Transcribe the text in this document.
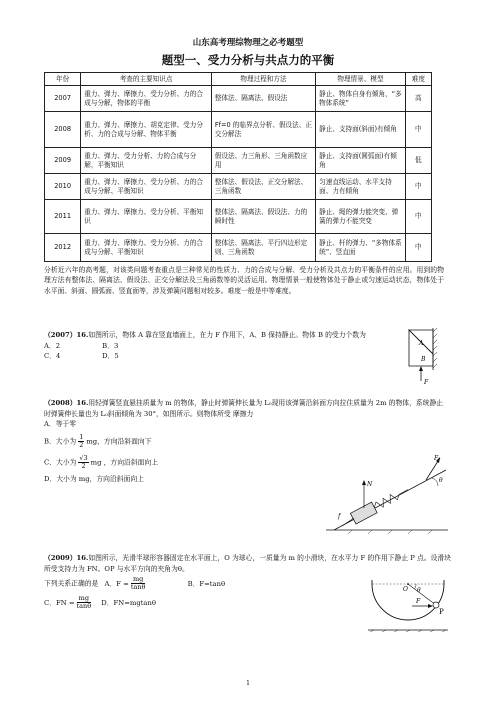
山东高考理综物理之必考题型
题型一、受力分析与共点力的平衡
年份	考查的主要知识点	物理过程和方法	物理情景、模型	难度
2007	重力、弹力、摩擦力、受力分析、力的合成与分解，物体的平衡	整体法、隔离法、假设法	静止、物体自身有倾角，“多物体系统”	高
2008	重力、弹力、摩擦力、胡克定律、受力分析、力的合成与分解、物体平衡	Ff=0 的临界点分析、假设法、正交分解法	静止、支持面(斜面)有倾角	中
2009	重力、弹力、受力分析、力的合成与分解，平衡知识	假设法、力三角形、三角函数应用	静止、支持面(圆弧面)有倾角	低
2010	重力、弹力、摩擦力、受力分析、力的合成与分解、平衡知识	整体法、假设法、正交分解法、三角函数	匀速直线运动、水平支持面、力有倾角	中
2011	重力、弹力、摩擦力、受力分析、平衡知识	整体法、隔离法、假设法、力的瞬时性	静止、绳的弹力能突变、弹簧的弹力不能突变	中
2012	重力、弹力、摩擦力、受力分析、力的合成与分解、平衡知识	整体法、隔离法、平行四边形定则、三角函数	静止、杆的弹力、“多物体系统”、竖直面	中
分析近六年的高考题，对该类问题考查重点是三种常见的性质力、力的合成与分解、受力分析及共点力的平衡条件的应用。用到的物理方法有整体法、隔离法、假设法、正交分解法及三角函数等的灵活运用。物理情景一般使物体处于静止或匀速运动状态，物体处于水平面、斜面、圆弧面、竖直面等，涉及弹簧问题相对较多。难度一般是中等难度。
（2007）16.如图所示，物体 A 靠在竖直墙面上，在力 F 作用下，A、B 保持静止。物体 B 的受力个数为
A．2	B．3
C．4	D．5
A
B
F
（2008）16.用轻弹簧竖直悬挂质量为 m 的物体，静止时弹簧伸长量为 L₀现用该弹簧沿斜面方向拉住质量为 2m 的物体，系统静止时弹簧伸长量也为 L₀斜面倾角为 30°，如图所示。则物体所受 摩擦力
A．等于零
B．大小为 $\frac{1}{2}$ mg，方向沿斜面向下
C．大小为 $\frac{√3}{2}$ mg ，方向沿斜面向上
D．大小为 mg，方向沿斜面向上
F
θ
N
f
（2009）16.如图所示，光滑半球形容器固定在水平面上，O 为球心，一质量为 m 的小滑块，在水平力 F 的作用下静止 P 点。设滑块所受支持力为 FN。OP 与水平方向的夹角为θ。
下列关系正确的是 A．$F = \frac{mg}{\tan\theta}$	B．F=tanθ
C．FN = $\frac{mg}{\tan\theta}$ D．FN=mgtanθ
O θ
F
P
1
